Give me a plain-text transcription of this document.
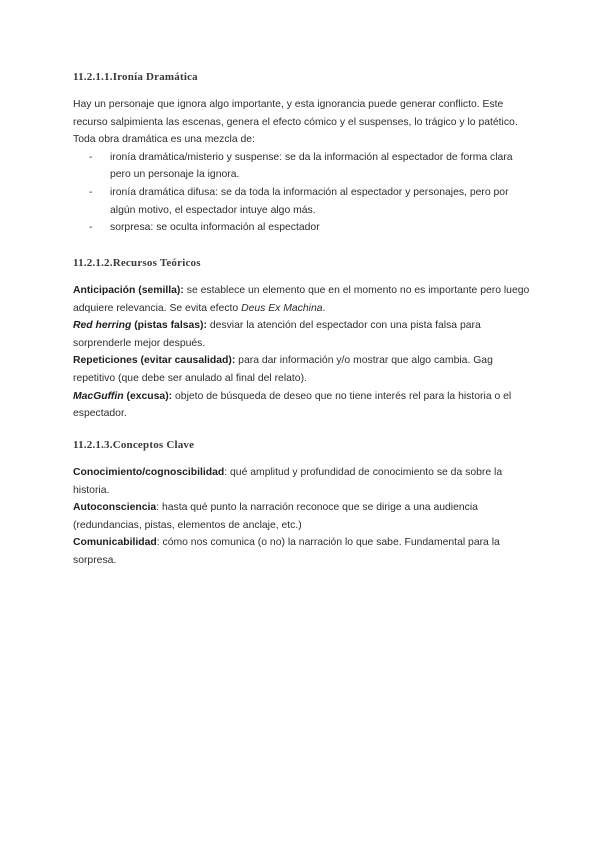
11.2.1.1.Ironía Dramática

Hay un personaje que ignora algo importante, y esta ignorancia puede generar conflicto. Este recurso salpimienta las escenas, genera el efecto cómico y el suspenses, lo trágico y lo patético. Toda obra dramática es una mezcla de:

- ironía dramática/misterio y suspense: se da la información al espectador de forma clara pero un personaje la ignora.
- ironía dramática difusa: se da toda la información al espectador y personajes, pero por algún motivo, el espectador intuye algo más.
- sorpresa: se oculta información al espectador
11.2.1.2.Recursos Teóricos

Anticipación (semilla): se establece un elemento que en el momento no es importante pero luego adquiere relevancia. Se evita efecto Deus Ex Machina.

Red herring (pistas falsas): desviar la atención del espectador con una pista falsa para sorprenderle mejor después.

Repeticiones (evitar causalidad): para dar información y/o mostrar que algo cambia. Gag repetitivo (que debe ser anulado al final del relato).

MacGuffin (excusa): objeto de búsqueda de deseo que no tiene interés rel para la historia o el espectador.

11.2.1.3.Conceptos Clave

Conocimiento/cognoscibilidad: qué amplitud y profundidad de conocimiento se da sobre la historia.

Autoconsciencia: hasta qué punto la narración reconoce que se dirige a una audiencia (redundancias, pistas, elementos de anclaje, etc.)

Comunicabilidad: cómo nos comunica (o no) la narración lo que sabe. Fundamental para la sorpresa.
